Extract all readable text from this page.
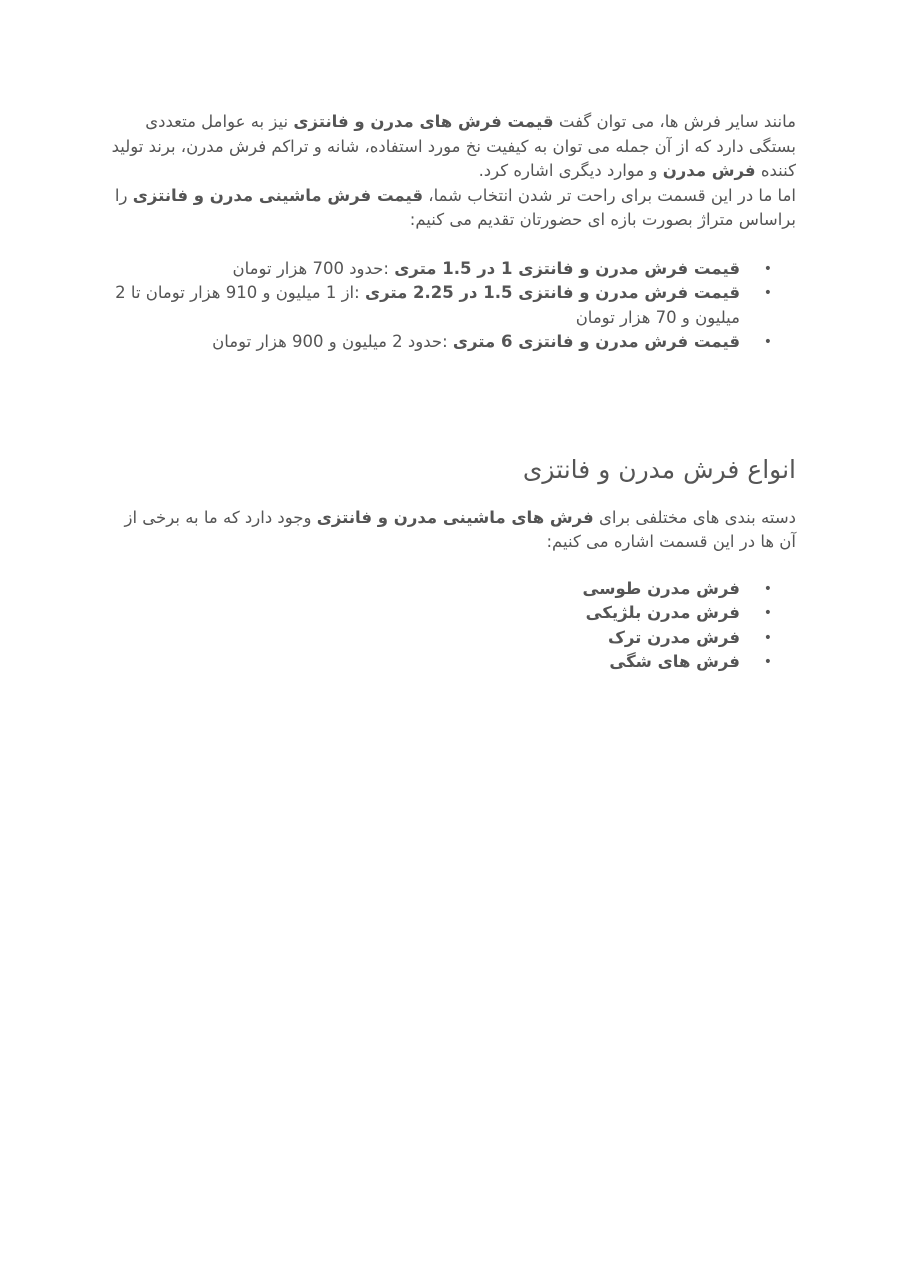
مانند سایر فرش ها، می توان گفت قیمت فرش های مدرن و فانتزی نیز به عوامل متعددی بستگی دارد که از آن جمله می توان به کیفیت نخ مورد استفاده، شانه و تراکم فرش مدرن، برند تولید کننده فرش مدرن و موارد دیگری اشاره کرد.
اما ما در این قسمت برای راحت تر شدن انتخاب شما، قیمت فرش ماشینی مدرن و فانتزی را براساس متراژ بصورت بازه ای حضورتان تقدیم می کنیم:

•
قیمت فرش مدرن و فانتزی 1 در 1.5 متری :حدود 700 هزار تومان
•
قیمت فرش مدرن و فانتزی 1.5 در 2.25 متری :از 1 میلیون و 910 هزار تومان تا 2 میلیون و 70 هزار تومان
•
قیمت فرش مدرن و فانتزی 6 متری :حدود 2 میلیون و 900 هزار تومان
انواع فرش مدرن و فانتزی

دسته بندی های مختلفی برای فرش های ماشینی مدرن و فانتزی وجود دارد که ما به برخی از آن ها در این قسمت اشاره می کنیم:

•
فرش مدرن طوسی
•
فرش مدرن بلژیکی
•
فرش مدرن ترک
•
فرش های شگی
